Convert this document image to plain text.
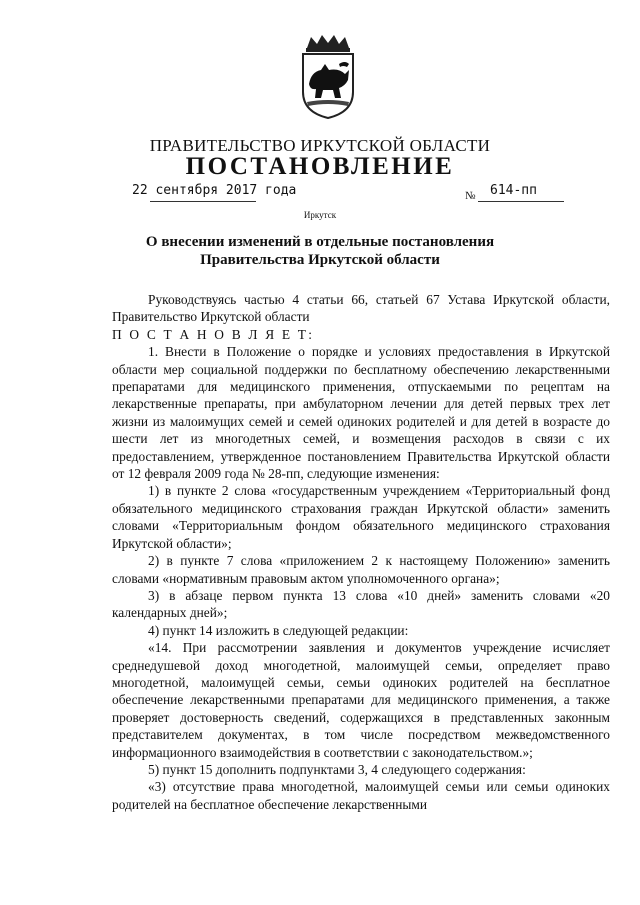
ПРАВИТЕЛЬСТВО ИРКУТСКОЙ ОБЛАСТИ
ПОСТАНОВЛЕНИЕ
22 сентября 2017 года	№ 614-пп
Иркутск
О внесении изменений в отдельные постановления
Правительства Иркутской области

Руководствуясь частью 4 статьи 66, статьей 67 Устава Иркутской области, Правительство Иркутской области

П О С Т А Н О В Л Я Е Т:

1. Внести в Положение о порядке и условиях предоставления в Иркутской области мер социальной поддержки по бесплатному обеспечению лекарственными препаратами для медицинского применения, отпускаемыми по рецептам на лекарственные препараты, при амбулаторном лечении для детей первых трех лет жизни из малоимущих семей и семей одиноких родителей и для детей в возрасте до шести лет из многодетных семей, и возмещения расходов в связи с их предоставлением, утвержденное постановлением Правительства Иркутской области от 12 февраля 2009 года № 28-пп, следующие изменения:

1) в пункте 2 слова «государственным учреждением «Территориальный фонд обязательного медицинского страхования граждан Иркутской области» заменить словами «Территориальным фондом обязательного медицинского страхования Иркутской области»;

2) в пункте 7 слова «приложением 2 к настоящему Положению» заменить словами «нормативным правовым актом уполномоченного органа»;

3) в абзаце первом пункта 13 слова «10 дней» заменить словами «20 календарных дней»;

4) пункт 14 изложить в следующей редакции:

«14. При рассмотрении заявления и документов учреждение исчисляет среднедушевой доход многодетной, малоимущей семьи, определяет право многодетной, малоимущей семьи, семьи одиноких родителей на бесплатное обеспечение лекарственными препаратами для медицинского применения, а также проверяет достоверность сведений, содержащихся в представленных законным представителем документах, в том числе посредством межведомственного информационного взаимодействия в соответствии с законодательством.»;

5) пункт 15 дополнить подпунктами 3, 4 следующего содержания:

«3) отсутствие права многодетной, малоимущей семьи или семьи одиноких родителей на бесплатное обеспечение лекарственными
